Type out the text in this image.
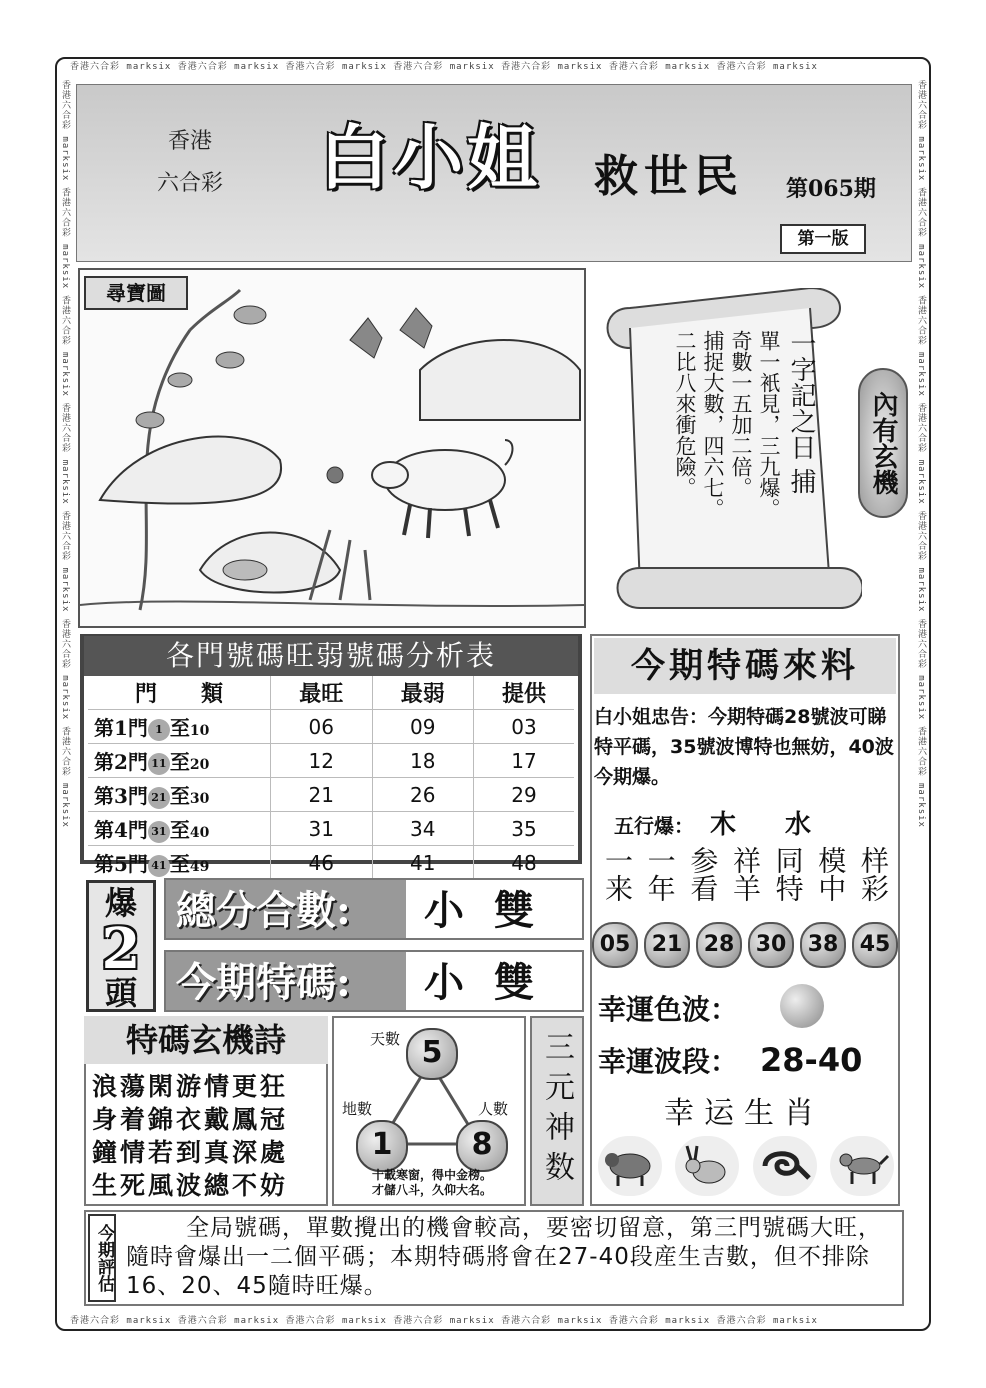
香港六合彩 marksix 香港六合彩 marksix 香港六合彩 marksix 香港六合彩 marksix 香港六合彩 marksix 香港六合彩 marksix 香港六合彩 marksix
香港六合彩 marksix 香港六合彩 marksix 香港六合彩 marksix 香港六合彩 marksix 香港六合彩 marksix 香港六合彩 marksix 香港六合彩 marksix
香港六合彩 marksix 香港六合彩 marksix 香港六合彩 marksix 香港六合彩 marksix 香港六合彩 marksix 香港六合彩 marksix 香港六合彩 marksix	香港六合彩 marksix 香港六合彩 marksix 香港六合彩 marksix 香港六合彩 marksix 香港六合彩 marksix 香港六合彩 marksix 香港六合彩 marksix
香港
六合彩 白小姐	救世民 第065期
第一版
尋寶圖
一字記之日 捕
單一衹見，三九爆。
奇數一五加二倍。
捕捉大數，四六七。
二比八來衝危險。	內有玄機
各門號碼旺弱號碼分析表
門　　類	最旺	最弱	提供
第1門 1 至10	06	09	03
第2門 11 至20	12	18	17
第3門 21 至30	21	26	29
第4門 31 至40	31	34	35
第5門 41 至49	46	41	48
今期特碼來料
白小姐忠告：今期特碼28號波可睇特平碼，35號波博特也無妨，40波今期爆。
五行爆： 木 水
一来 一年 参看 祥羊 同特 模中 样彩
05 21 28 30 38 45
幸運色波：
幸運波段： 28-40
幸运生肖
爆
2
頭
總分合數:	小雙
今期特碼:	小雙
特碼玄機詩
浪蕩閑游情更狂
身着錦衣戴鳳冠
鐘情若到真深處
生死風波總不妨
天數 5
地數
1
人數
8
十載寒窗，得中金榜。
才儲八斗，久仰大名。	三元神数
今期評估	全局號碼，單數攪出的機會較高，要密切留意，第三門號碼大旺，隨時會爆出一二個平碼；本期特碼將會在27-40段産生吉數，但不排除16、20、45隨時旺爆。
